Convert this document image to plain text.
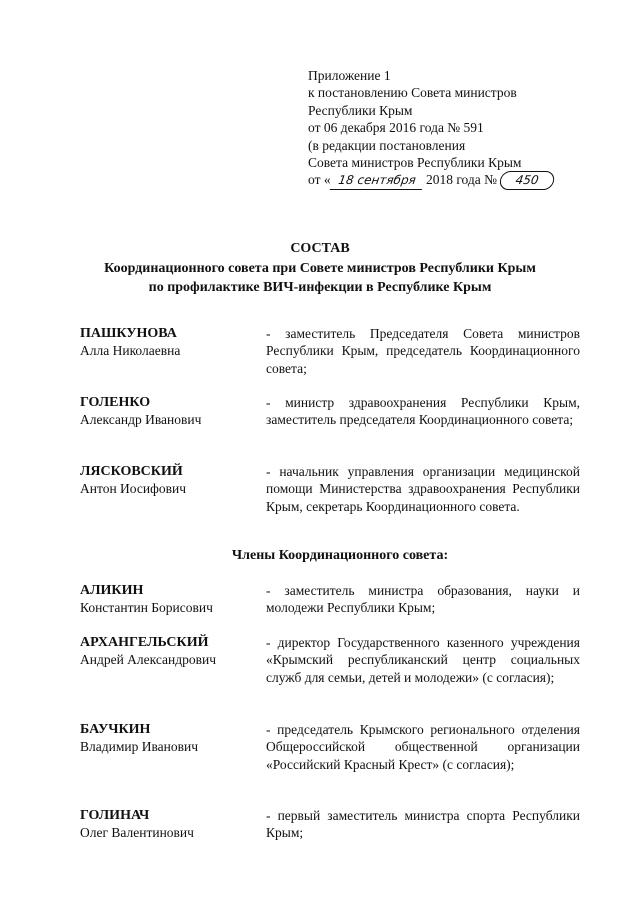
Приложение 1
к постановлению Совета министров
Республики Крым
от 06 декабря 2016 года № 591
(в редакции постановления
Совета министров Республики Крым
от « 18 сентября 2018 года № 450
СОСТАВ
Координационного совета при Совете министров Республики Крым
по профилактике ВИЧ-инфекции в Республике Крым
ПАШКУНОВА
Алла Николаевна
- заместитель Председателя Совета министров Республики Крым, председатель Координационного совета;
ГОЛЕНКО
Александр Иванович
- министр здравоохранения Республики Крым, заместитель председателя Координационного совета;
ЛЯСКОВСКИЙ
Антон Иосифович
- начальник управления организации медицинской помощи Министерства здравоохранения Республики Крым, секретарь Координационного совета.
Члены Координационного совета:
АЛИКИН
Константин Борисович
- заместитель министра образования, науки и молодежи Республики Крым;
АРХАНГЕЛЬСКИЙ
Андрей Александрович
- директор Государственного казенного учреждения «Крымский республиканский центр социальных служб для семьи, детей и молодежи» (с согласия);
БАУЧКИН
Владимир Иванович
- председатель Крымского регионального отделения Общероссийской общественной организации «Российский Красный Крест» (с согласия);
ГОЛИНАЧ
Олег Валентинович
- первый заместитель министра спорта Республики Крым;
